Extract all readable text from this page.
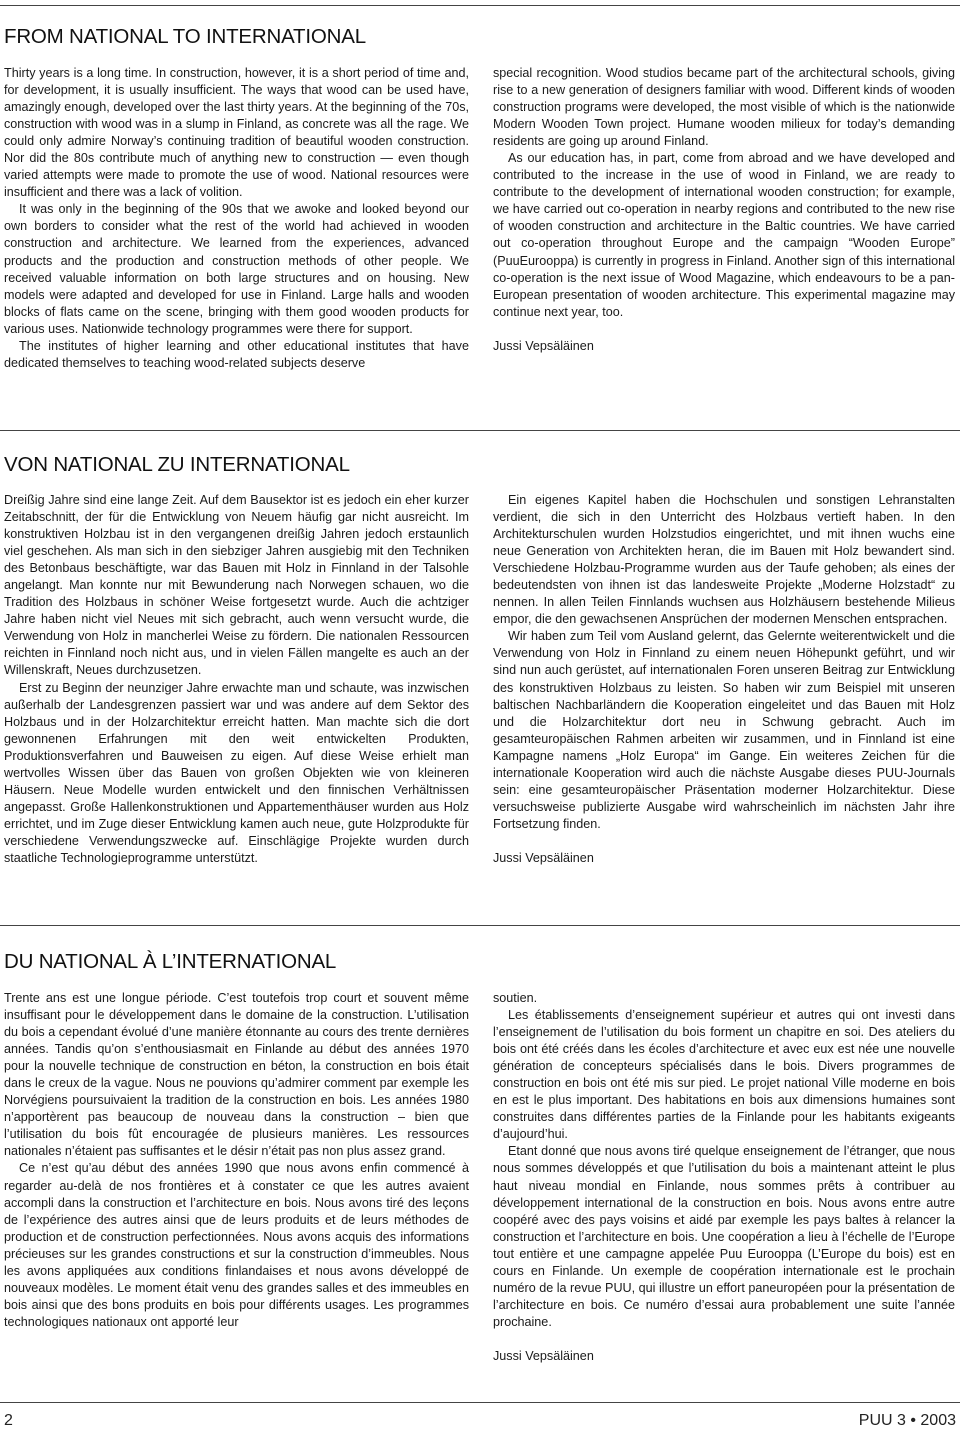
FROM NATIONAL TO INTERNATIONAL

Thirty years is a long time. In construction, however, it is a short period of time and, for development, it is usually insufficient. The ways that wood can be used have, amazingly enough, developed over the last thirty years. At the beginning of the 70s, construction with wood was in a slump in Finland, as concrete was all the rage. We could only admire Norway’s continuing tradition of beautiful wooden construction. Nor did the 80s contribute much of anything new to construction — even though varied attempts were made to promote the use of wood. National resources were insufficient and there was a lack of volition.

It was only in the beginning of the 90s that we awoke and looked beyond our own borders to consider what the rest of the world had achieved in wooden construction and architecture. We learned from the experiences, advanced products and the production and construction methods of other people. We received valuable information on both large structures and on housing. New models were adapted and developed for use in Finland. Large halls and wooden blocks of flats came on the scene, bringing with them good wooden products for various uses. Nationwide technology programmes were there for support.

The institutes of higher learning and other educational institutes that have dedicated themselves to teaching wood-related subjects deserve

special recognition. Wood studios became part of the architectural schools, giving rise to a new generation of designers familiar with wood. Different kinds of wooden construction programs were developed, the most visible of which is the nationwide Modern Wooden Town project. Humane wooden milieux for today’s demanding residents are going up around Finland.

As our education has, in part, come from abroad and we have developed and contributed to the increase in the use of wood in Finland, we are ready to contribute to the development of international wooden construction; for example, we have carried out co-operation in nearby regions and contributed to the new rise of wooden construction and architecture in the Baltic countries. We have carried out co-operation throughout Europe and the campaign “Wooden Europe” (PuuEurooppa) is currently in progress in Finland. Another sign of this international co-operation is the next issue of Wood Magazine, which endeavours to be a pan-European presentation of wooden architecture. This experimental magazine may continue next year, too.

Jussi Vepsäläinen

VON NATIONAL ZU INTERNATIONAL

Dreißig Jahre sind eine lange Zeit. Auf dem Bausektor ist es jedoch ein eher kurzer Zeitabschnitt, der für die Entwicklung von Neuem häufig gar nicht ausreicht. Im konstruktiven Holzbau ist in den vergangenen dreißig Jahren jedoch erstaunlich viel geschehen. Als man sich in den siebziger Jahren ausgiebig mit den Techniken des Betonbaus beschäftigte, war das Bauen mit Holz in Finnland in der Talsohle angelangt. Man konnte nur mit Bewunderung nach Norwegen schauen, wo die Tradition des Holzbaus in schöner Weise fortgesetzt wurde. Auch die achtziger Jahre haben nicht viel Neues mit sich gebracht, auch wenn versucht wurde, die Verwendung von Holz in mancherlei Weise zu fördern. Die nationalen Ressourcen reichten in Finnland noch nicht aus, und in vielen Fällen mangelte es auch an der Willenskraft, Neues durchzusetzen.

Erst zu Beginn der neunziger Jahre erwachte man und schaute, was inzwischen außerhalb der Landesgrenzen passiert war und was andere auf dem Sektor des Holzbaus und in der Holzarchitektur erreicht hatten. Man machte sich die dort gewonnenen Erfahrungen mit den weit entwickelten Produkten, Produktionsverfahren und Bauweisen zu eigen. Auf diese Weise erhielt man wertvolles Wissen über das Bauen von großen Objekten wie von kleineren Häusern. Neue Modelle wurden entwickelt und den finnischen Verhältnissen angepasst. Große Hallenkonstruktionen und Appartementhäuser wurden aus Holz errichtet, und im Zuge dieser Entwicklung kamen auch neue, gute Holzprodukte für verschiedene Verwendungszwecke auf. Einschlägige Projekte wurden durch staatliche Technologieprogramme unterstützt.

Ein eigenes Kapitel haben die Hochschulen und sonstigen Lehranstalten verdient, die sich in den Unterricht des Holzbaus vertieft haben. In den Architekturschulen wurden Holzstudios eingerichtet, und mit ihnen wuchs eine neue Generation von Architekten heran, die im Bauen mit Holz bewandert sind. Verschiedene Holzbau-Programme wurden aus der Taufe gehoben; als eines der bedeutendsten von ihnen ist das landesweite Projekte „Moderne Holzstadt“ zu nennen. In allen Teilen Finnlands wuchsen aus Holzhäusern bestehende Milieus empor, die den gewachsenen Ansprüchen der modernen Menschen entsprachen.

Wir haben zum Teil vom Ausland gelernt, das Gelernte weiterentwickelt und die Verwendung von Holz in Finnland zu einem neuen Höhepunkt geführt, und wir sind nun auch gerüstet, auf internationalen Foren unseren Beitrag zur Entwicklung des konstruktiven Holzbaus zu leisten. So haben wir zum Beispiel mit unseren baltischen Nachbarländern die Kooperation eingeleitet und das Bauen mit Holz und die Holzarchitektur dort neu in Schwung gebracht. Auch im gesamteuropäischen Rahmen arbeiten wir zusammen, und in Finnland ist eine Kampagne namens „Holz Europa“ im Gange. Ein weiteres Zeichen für die internationale Kooperation wird auch die nächste Ausgabe dieses PUU-Journals sein: eine gesamteuropäischer Präsentation moderner Holzarchitektur. Diese versuchsweise publizierte Ausgabe wird wahrscheinlich im nächsten Jahr ihre Fortsetzung finden.

Jussi Vepsäläinen

DU NATIONAL À L’INTERNATIONAL

Trente ans est une longue période. C’est toutefois trop court et souvent même insuffisant pour le développement dans le domaine de la construction. L’utilisation du bois a cependant évolué d’une manière étonnante au cours des trente dernières années. Tandis qu’on s’enthousiasmait en Finlande au début des années 1970 pour la nouvelle technique de construction en béton, la construction en bois était dans le creux de la vague. Nous ne pouvions qu’admirer comment par exemple les Norvégiens poursuivaient la tradition de la construction en bois. Les années 1980 n’apportèrent pas beaucoup de nouveau dans la construction – bien que l’utilisation du bois fût encouragée de plusieurs manières. Les ressources nationales n’étaient pas suffisantes et le désir n’était pas non plus assez grand.

Ce n’est qu’au début des années 1990 que nous avons enfin commencé à regarder au-delà de nos frontières et à constater ce que les autres avaient accompli dans la construction et l’architecture en bois. Nous avons tiré des leçons de l’expérience des autres ainsi que de leurs produits et de leurs méthodes de production et de construction perfectionnées. Nous avons acquis des informations précieuses sur les grandes constructions et sur la construction d’immeubles. Nous les avons appliquées aux conditions finlandaises et nous avons développé de nouveaux modèles. Le moment était venu des grandes salles et des immeubles en bois ainsi que des bons produits en bois pour différents usages. Les programmes technologiques nationaux ont apporté leur

soutien.

Les établissements d’enseignement supérieur et autres qui ont investi dans l’enseignement de l’utilisation du bois forment un chapitre en soi. Des ateliers du bois ont été créés dans les écoles d’architecture et avec eux est née une nouvelle génération de concepteurs spécialisés dans le bois. Divers programmes de construction en bois ont été mis sur pied. Le projet national Ville moderne en bois en est le plus important. Des habitations en bois aux dimensions humaines sont construites dans différentes parties de la Finlande pour les habitants exigeants d’aujourd’hui.

Etant donné que nous avons tiré quelque enseignement de l’étranger, que nous nous sommes développés et que l’utilisation du bois a maintenant atteint le plus haut niveau mondial en Finlande, nous sommes prêts à contribuer au développement international de la construction en bois. Nous avons entre autre coopéré avec des pays voisins et aidé par exemple les pays baltes à relancer la construction et l’architecture en bois. Une coopération a lieu à l’échelle de l’Europe tout entière et une campagne appelée Puu Eurooppa (L’Europe du bois) est en cours en Finlande. Un exemple de coopération internationale est le prochain numéro de la revue PUU, qui illustre un effort paneuropéen pour la présentation de l’architecture en bois. Ce numéro d’essai aura probablement une suite l’année prochaine.

Jussi Vepsäläinen

2	PUU 3 • 2003
